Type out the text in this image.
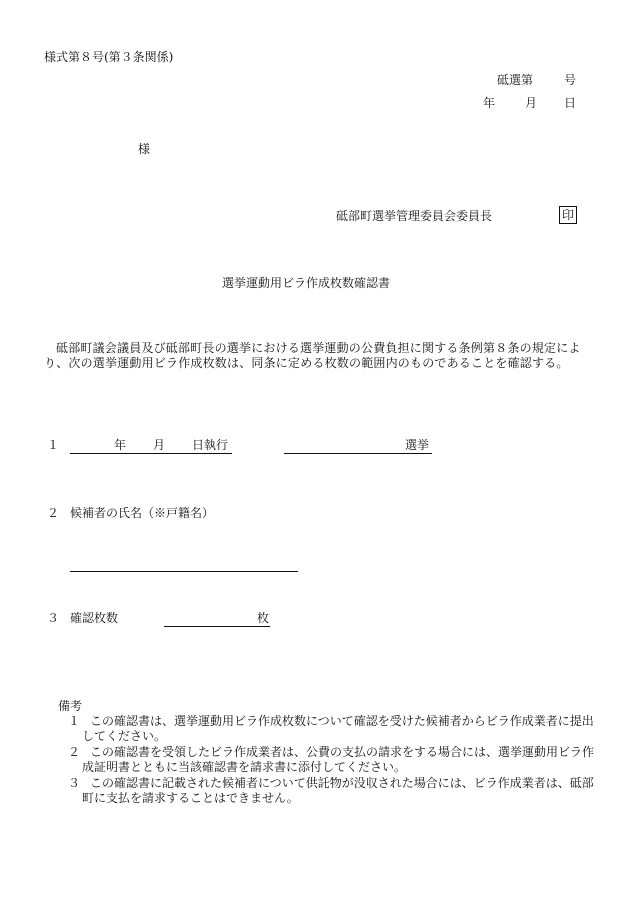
様式第８号(第３条関係)
砥選第	号
年 月 日
様
砥部町選挙管理委員会委員長	印
選挙運動用ビラ作成枚数確認書
砥部町議会議員及び砥部町長の選挙における選挙運動の公費負担に関する条例第８条の規定により、次の選挙運動用ビラ作成枚数は、同条に定める枚数の範囲内のものであることを確認する。
１	年 月 日執行	選挙
２ 候補者の氏名（※戸籍名）
３ 確認枚数	枚
備考
１ この確認書は、選挙運動用ビラ作成枚数について確認を受けた候補者からビラ作成業者に提出してください。
２ この確認書を受領したビラ作成業者は、公費の支払の請求をする場合には、選挙運動用ビラ作成証明書とともに当該確認書を請求書に添付してください。
３ この確認書に記載された候補者について供託物が没収された場合には、ビラ作成業者は、砥部町に支払を請求することはできません。
